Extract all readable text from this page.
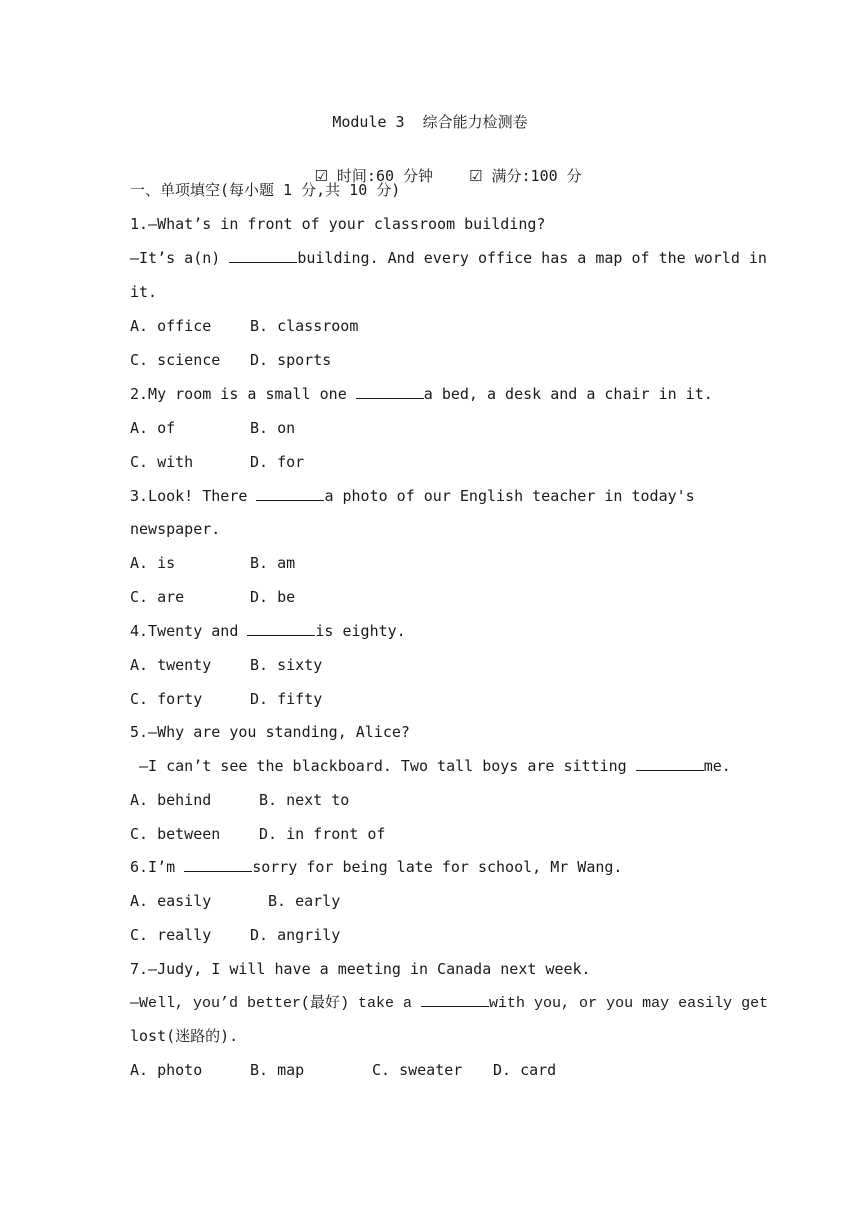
Module 3  综合能力检测卷

☑ 时间:60 分钟 ☑ 满分:100 分

一、单项填空(每小题 1 分,共 10 分)
1.—What’s in front of your classroom building?
—It’s a(n)	building. And every office has a map of the world in
it.
A. office	B. classroom
C. science D. sports
2.My room is a small one	a bed, a desk and a chair in it.
A. of	B. on
C. with	D. for
3.Look! There	a photo of our English teacher in today's
newspaper.
A. is	B. am
C. are	D. be
4.Twenty and	is eighty.
A. twenty	B. sixty
C. forty	D. fifty
5.—Why are you standing, Alice?
—I can’t see the blackboard. Two tall boys are sitting	me.
A. behind	B. next to
C. between	D. in front of
6.I’m	sorry for being late for school, Mr Wang.
A. easily	B. early
C. really	D. angrily
7.—Judy, I will have a meeting in Canada next week.
—Well, you’d better(最好) take a	with you, or you may easily get
lost(迷路的).
A. photo	B. map	C. sweater D. card
